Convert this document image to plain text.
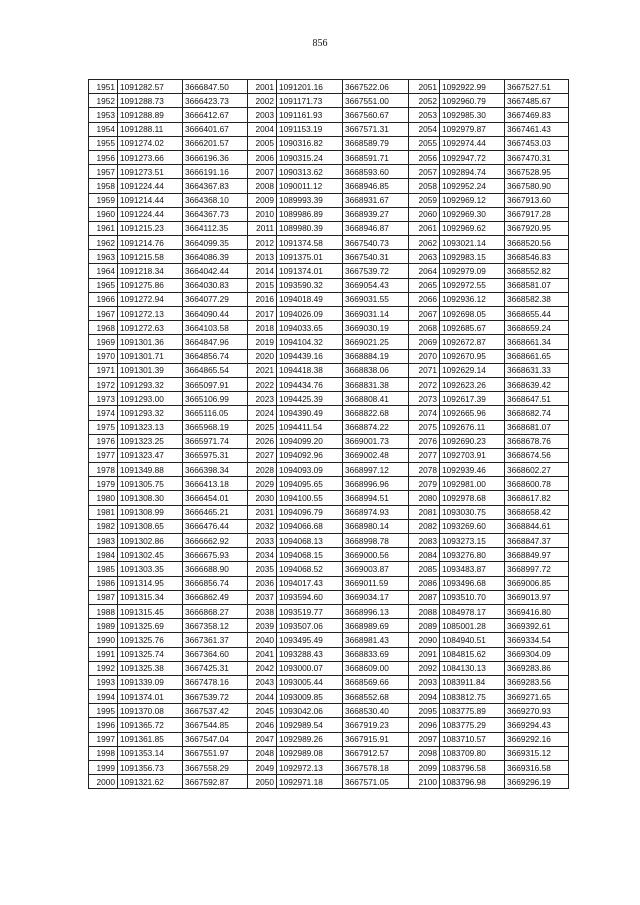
856
1951	1091282.57	3666847.50	2001	1091201.16	3667522.06	2051	1092922.99	3667527.51
1952	1091288.73	3666423.73	2002	1091171.73	3667551.00	2052	1092960.79	3667485.67
1953	1091288.89	3666412.67	2003	1091161.93	3667560.67	2053	1092985.30	3667469.83
1954	1091288.11	3666401.67	2004	1091153.19	3667571.31	2054	1092979.87	3667461.43
1955	1091274.02	3666201.57	2005	1090316.82	3668589.79	2055	1092974.44	3667453.03
1956	1091273.66	3666196.36	2006	1090315.24	3668591.71	2056	1092947.72	3667470.31
1957	1091273.51	3666191.16	2007	1090313.62	3668593.60	2057	1092894.74	3667528.95
1958	1091224.44	3664367.83	2008	1090011.12	3668946.85	2058	1092952.24	3667580.90
1959	1091214.44	3664368.10	2009	1089993.39	3668931.67	2059	1092969.12	3667913.60
1960	1091224.44	3664367.73	2010	1089986.89	3668939.27	2060	1092969.30	3667917.28
1961	1091215.23	3664112.35	2011	1089980.39	3668946.87	2061	1092969.62	3667920.95
1962	1091214.76	3664099.35	2012	1091374.58	3667540.73	2062	1093021.14	3668520.56
1963	1091215.58	3664086.39	2013	1091375.01	3667540.31	2063	1092983.15	3668546.83
1964	1091218.34	3664042.44	2014	1091374.01	3667539.72	2064	1092979.09	3668552.82
1965	1091275.86	3664030.83	2015	1093590.32	3669054.43	2065	1092972.55	3668581.07
1966	1091272.94	3664077.29	2016	1094018.49	3669031.55	2066	1092936.12	3668582.38
1967	1091272.13	3664090.44	2017	1094026.09	3669031.14	2067	1092698.05	3668655.44
1968	1091272.63	3664103.58	2018	1094033.65	3669030.19	2068	1092685.67	3668659.24
1969	1091301.36	3664847.96	2019	1094104.32	3669021.25	2069	1092672.87	3668661.34
1970	1091301.71	3664856.74	2020	1094439.16	3668884.19	2070	1092670.95	3668661.65
1971	1091301.39	3664865.54	2021	1094418.38	3668838.06	2071	1092629.14	3668631.33
1972	1091293.32	3665097.91	2022	1094434.76	3668831.38	2072	1092623.26	3668639.42
1973	1091293.00	3665106.99	2023	1094425.39	3668808.41	2073	1092617.39	3668647.51
1974	1091293.32	3665116.05	2024	1094390.49	3668822.68	2074	1092665.96	3668682.74
1975	1091323.13	3665968.19	2025	1094411.54	3668874.22	2075	1092676.11	3668681.07
1976	1091323.25	3665971.74	2026	1094099.20	3669001.73	2076	1092690.23	3668678.76
1977	1091323.47	3665975.31	2027	1094092.96	3669002.48	2077	1092703.91	3668674.56
1978	1091349.88	3666398.34	2028	1094093.09	3668997.12	2078	1092939.46	3668602.27
1979	1091305.75	3666413.18	2029	1094095.65	3668996.96	2079	1092981.00	3668600.78
1980	1091308.30	3666454.01	2030	1094100.55	3668994.51	2080	1092978.68	3668617.82
1981	1091308.99	3666465.21	2031	1094096.79	3668974.93	2081	1093030.75	3668658.42
1982	1091308.65	3666476.44	2032	1094066.68	3668980.14	2082	1093269.60	3668844.61
1983	1091302.86	3666662.92	2033	1094068.13	3668998.78	2083	1093273.15	3668847.37
1984	1091302.45	3666675.93	2034	1094068.15	3669000.56	2084	1093276.80	3668849.97
1985	1091303.35	3666688.90	2035	1094068.52	3669003.87	2085	1093483.87	3668997.72
1986	1091314.95	3666856.74	2036	1094017.43	3669011.59	2086	1093496.68	3669006.85
1987	1091315.34	3666862.49	2037	1093594.60	3669034.17	2087	1093510.70	3669013.97
1988	1091315.45	3666868.27	2038	1093519.77	3668996.13	2088	1084978.17	3669416.80
1989	1091325.69	3667358.12	2039	1093507.06	3668989.69	2089	1085001.28	3669392.61
1990	1091325.76	3667361.37	2040	1093495.49	3668981.43	2090	1084940.51	3669334.54
1991	1091325.74	3667364.60	2041	1093288.43	3668833.69	2091	1084815.62	3669304.09
1992	1091325.38	3667425.31	2042	1093000.07	3668609.00	2092	1084130.13	3669283.86
1993	1091339.09	3667478.16	2043	1093005.44	3668569.66	2093	1083911.84	3669283.56
1994	1091374.01	3667539.72	2044	1093009.85	3668552.68	2094	1083812.75	3669271.65
1995	1091370.08	3667537.42	2045	1093042.06	3668530.40	2095	1083775.89	3669270.93
1996	1091365.72	3667544.85	2046	1092989.54	3667919.23	2096	1083775.29	3669294.43
1997	1091361.85	3667547.04	2047	1092989.26	3667915.91	2097	1083710.57	3669292.16
1998	1091353.14	3667551.97	2048	1092989.08	3667912.57	2098	1083709.80	3669315.12
1999	1091356.73	3667558.29	2049	1092972.13	3667578.18	2099	1083796.58	3669316.58
2000	1091321.62	3667592.87	2050	1092971.18	3667571.05	2100	1083796.98	3669296.19
